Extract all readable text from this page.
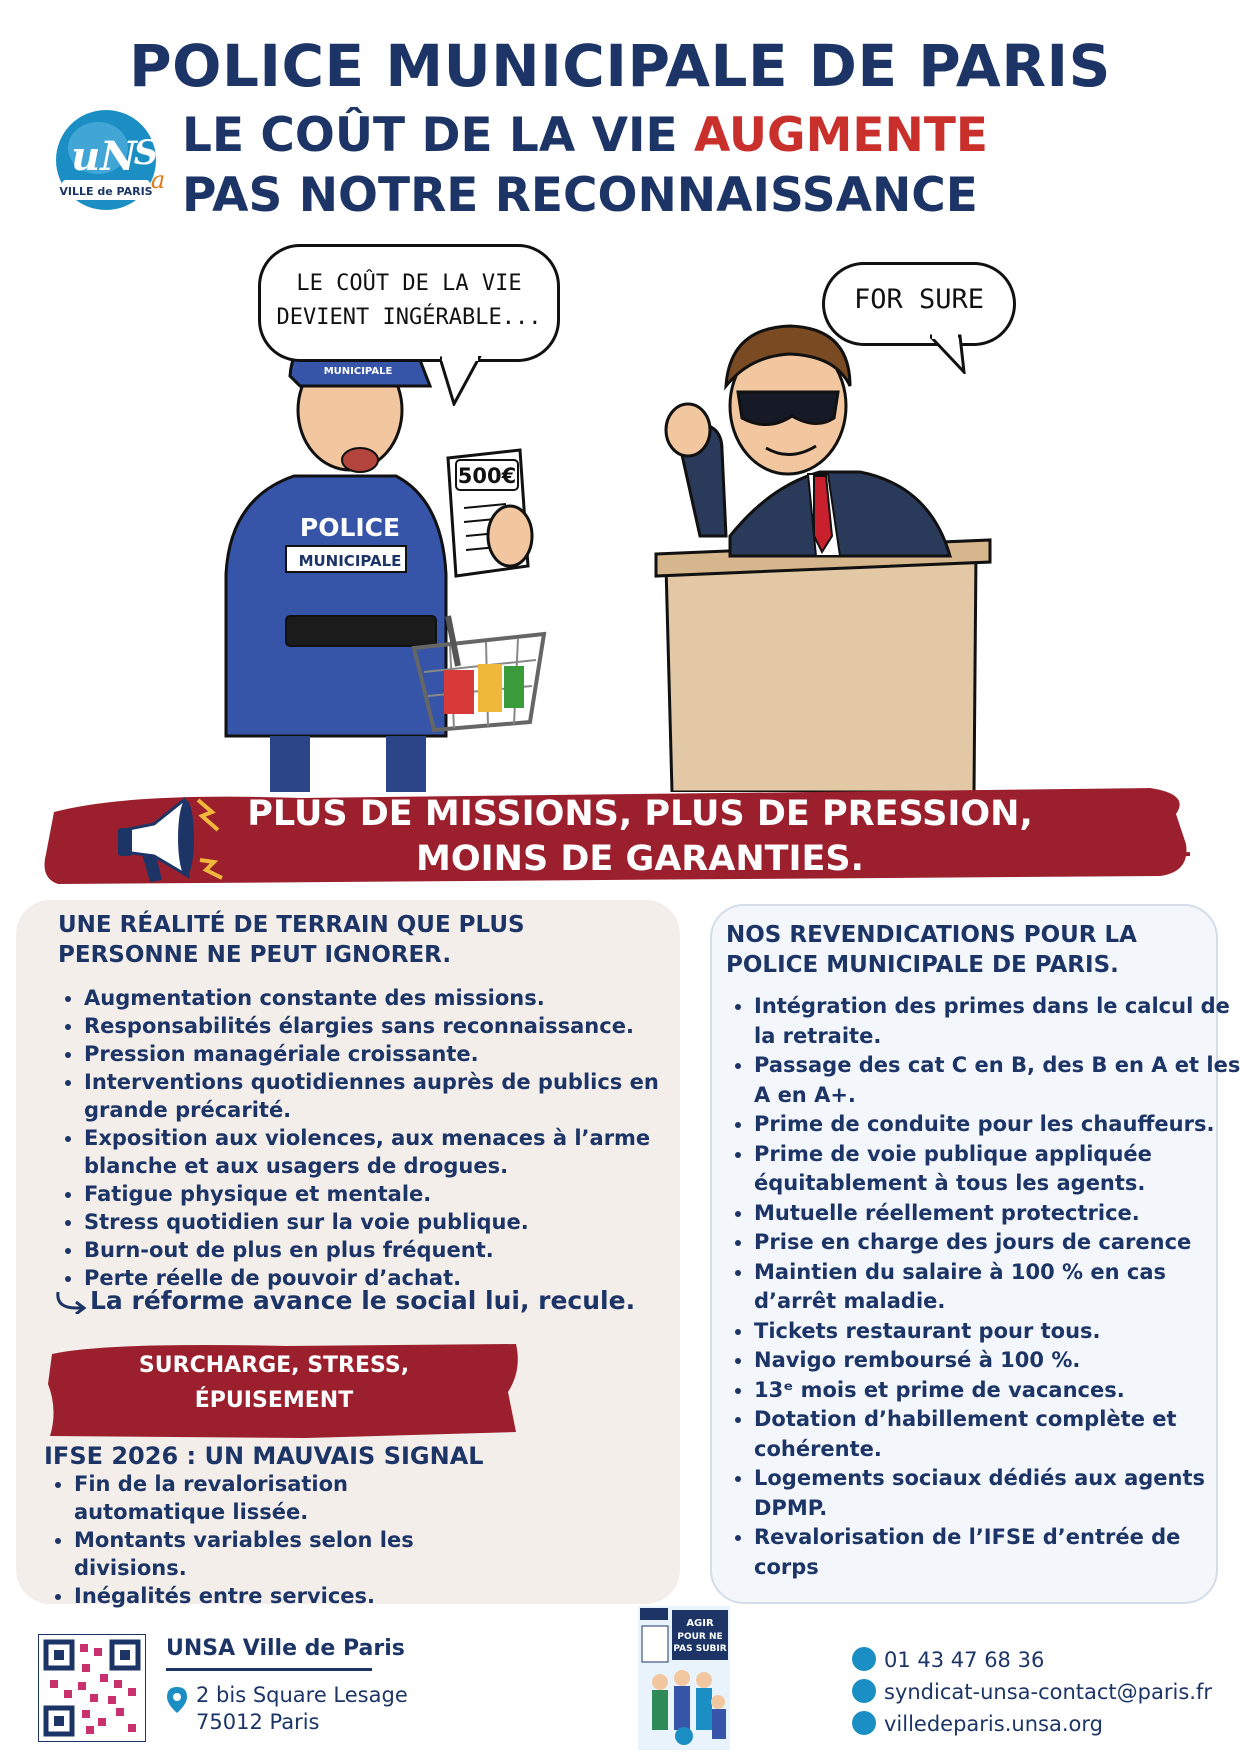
POLICE MUNICIPALE DE PARIS
uN
S
a
VILLE de PARIS
LE COÛT DE LA VIE AUGMENTE
PAS NOTRE RECONNAISSANCE
POLICE
MUNICIPALE
MUNICIPALE
500€
LE COÛT DE LA VIE
DEVIENT INGÉRABLE...
FOR SURE
PLUS DE MISSIONS, PLUS DE PRESSION,
MOINS DE GARANTIES.
UNE RÉALITÉ DE TERRAIN QUE PLUS
PERSONNE NE PEUT IGNORER.
• Augmentation constante des missions.
• Responsabilités élargies sans reconnaissance.
• Pression managériale croissante.
• Interventions quotidiennes auprès de publics en grande précarité.
• Exposition aux violences, aux menaces à l’arme blanche et aux usagers de drogues.
• Fatigue physique et mentale.
• Stress quotidien sur la voie publique.
• Burn-out de plus en plus fréquent.
• Perte réelle de pouvoir d’achat.
La réforme avance le social lui, recule.
SURCHARGE, STRESS,
ÉPUISEMENT
IFSE 2026 : UN MAUVAIS SIGNAL
• Fin de la revalorisation automatique lissée.
• Montants variables selon les divisions.
• Inégalités entre services.
NOS REVENDICATIONS POUR LA
POLICE MUNICIPALE DE PARIS.
• Intégration des primes dans le calcul de la retraite.
• Passage des cat C en B, des B en A et les A en A+.
• Prime de conduite pour les chauffeurs.
• Prime de voie publique appliquée équitablement à tous les agents.
• Mutuelle réellement protectrice.
• Prise en charge des jours de carence
• Maintien du salaire à 100 % en cas d’arrêt maladie.
• Tickets restaurant pour tous.
• Navigo remboursé à 100 %.
• 13ᵉ mois et prime de vacances.
• Dotation d’habillement complète et cohérente.
• Logements sociaux dédiés aux agents DPMP.
• Revalorisation de l’IFSE d’entrée de corps
UNSA Ville de Paris
2 bis Square Lesage
75012 Paris
AGIR
POUR NE
PAS SUBIR	01 43 47 68 36
syndicat-unsa-contact@paris.fr
villedeparis.unsa.org
